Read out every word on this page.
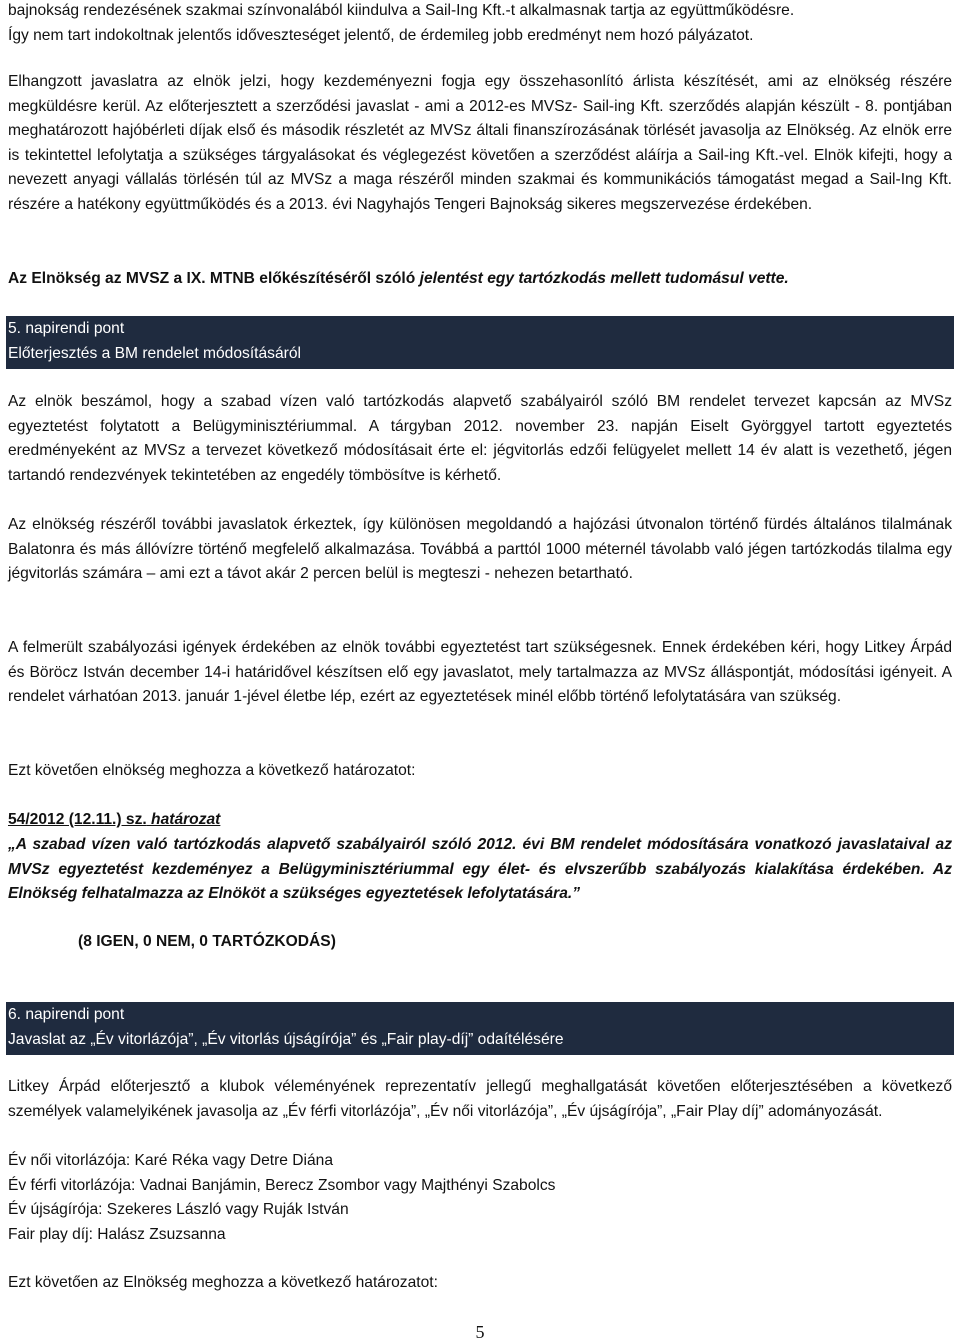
bajnokság rendezésének szakmai színvonalából kiindulva a Sail-Ing Kft.-t alkalmasnak tartja az együttműködésre.
Így nem tart indokoltnak jelentős időveszteséget jelentő, de érdemileg jobb eredményt nem hozó pályázatot.

Elhangzott javaslatra az elnök jelzi, hogy kezdeményezni fogja egy összehasonlító árlista készítését, ami az elnökség részére megküldésre kerül. Az előterjesztett a szerződési javaslat - ami a 2012-es MVSz- Sail-ing Kft. szerződés alapján készült - 8. pontjában meghatározott hajóbérleti díjak első és második részletét az MVSz általi finanszírozásának törlését javasolja az Elnökség. Az elnök erre is tekintettel lefolytatja a szükséges tárgyalásokat és véglegezést követően a szerződést aláírja a Sail-ing Kft.-vel. Elnök kifejti, hogy a nevezett anyagi vállalás törlésén túl az MVSz a maga részéről minden szakmai és kommunikációs támogatást megad a Sail-Ing Kft. részére a hatékony együttműködés és a 2013. évi Nagyhajós Tengeri Bajnokság sikeres megszervezése érdekében.

Az Elnökség az MVSZ a IX. MTNB előkészítéséről szóló jelentést egy tartózkodás mellett tudomásul vette.
5. napirendi pont
Előterjesztés a BM rendelet módosításáról

Az elnök beszámol, hogy a szabad vízen való tartózkodás alapvető szabályairól szóló BM rendelet tervezet kapcsán az MVSz egyeztetést folytatott a Belügyminisztériummal. A tárgyban 2012. november 23. napján Eiselt Györggyel tartott egyeztetés eredményeként az MVSz a tervezet következő módosításait érte el: jégvitorlás edzői felügyelet mellett 14 év alatt is vezethető, jégen tartandó rendezvények tekintetében az engedély tömbösítve is kérhető.

Az elnökség részéről további javaslatok érkeztek, így különösen megoldandó a hajózási útvonalon történő fürdés általános tilalmának Balatonra és más állóvízre történő megfelelő alkalmazása. Továbbá a parttól 1000 méternél távolabb való jégen tartózkodás tilalma egy jégvitorlás számára – ami ezt a távot akár 2 percen belül is megteszi - nehezen betartható.

A felmerült szabályozási igények érdekében az elnök további egyeztetést tart szükségesnek. Ennek érdekében kéri, hogy Litkey Árpád és Böröcz István december 14-i határidővel készítsen elő egy javaslatot, mely tartalmazza az MVSz álláspontját, módosítási igényeit. A rendelet várhatóan 2013. január 1-jével életbe lép, ezért az egyeztetések minél előbb történő lefolytatására van szükség.

Ezt követően elnökség meghozza a következő határozatot:
54/2012 (12.11.) sz. határozat

„A szabad vízen való tartózkodás alapvető szabályairól szóló 2012. évi BM rendelet módosítására vonatkozó javaslataival az MVSz egyeztetést kezdeményez a Belügyminisztériummal egy élet- és elvszerűbb szabályozás kialakítása érdekében. Az Elnökség felhatalmazza az Elnököt a szükséges egyeztetések lefolytatására.”

(8 IGEN, 0 NEM, 0 TARTÓZKODÁS)
6. napirendi pont
Javaslat az „Év vitorlázója”, „Év vitorlás újságírója” és „Fair play-díj” odaítélésére

Litkey Árpád előterjesztő a klubok véleményének reprezentatív jellegű meghallgatását követően előterjesztésében a következő személyek valamelyikének javasolja az „Év férfi vitorlázója”, „Év női vitorlázója”, „Év újságírója”, „Fair Play díj” adományozását.

Év női vitorlázója: Karé Réka vagy Detre Diána
Év férfi vitorlázója: Vadnai Banjámin, Berecz Zsombor vagy Majthényi Szabolcs
Év újságírója: Szekeres László vagy Ruják István
Fair play díj: Halász Zsuzsanna
Ezt követően az Elnökség meghozza a következő határozatot:
5
